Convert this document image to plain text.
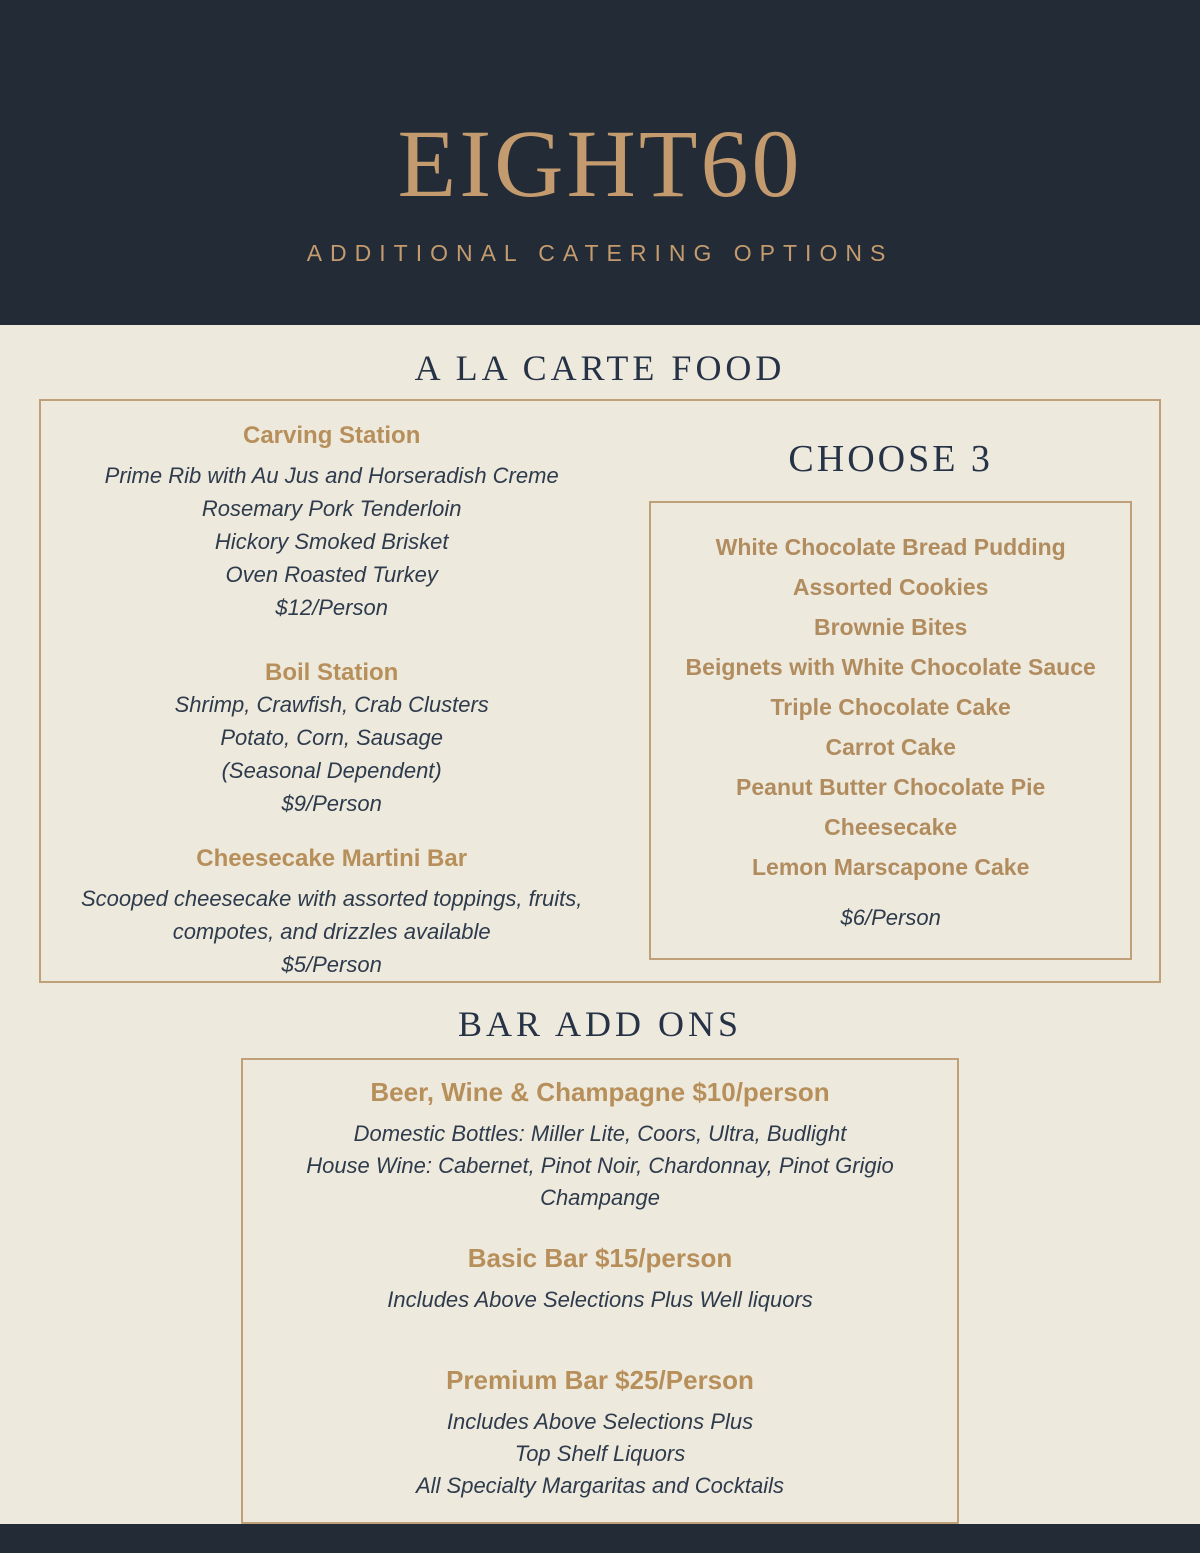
EIGHT60
ADDITIONAL CATERING OPTIONS
A LA CARTE FOOD
Carving Station
Prime Rib with Au Jus and Horseradish Creme
Rosemary Pork Tenderloin
Hickory Smoked Brisket
Oven Roasted Turkey
$12/Person
Boil Station
Shrimp, Crawfish, Crab Clusters
Potato, Corn, Sausage
(Seasonal Dependent)
$9/Person
Cheesecake Martini Bar
Scooped cheesecake with assorted toppings, fruits, compotes, and drizzles available
$5/Person
CHOOSE 3
White Chocolate Bread Pudding
Assorted Cookies
Brownie Bites
Beignets with White Chocolate Sauce
Triple Chocolate Cake
Carrot Cake
Peanut Butter Chocolate Pie
Cheesecake
Lemon Marscapone Cake
$6/Person
BAR ADD ONS
Beer, Wine & Champagne $10/person
Domestic Bottles: Miller Lite, Coors, Ultra, Budlight
House Wine: Cabernet, Pinot Noir, Chardonnay, Pinot Grigio
Champange
Basic Bar $15/person
Includes Above Selections Plus Well liquors
Premium Bar $25/Person
Includes Above Selections Plus
Top Shelf Liquors
All Specialty Margaritas and Cocktails
